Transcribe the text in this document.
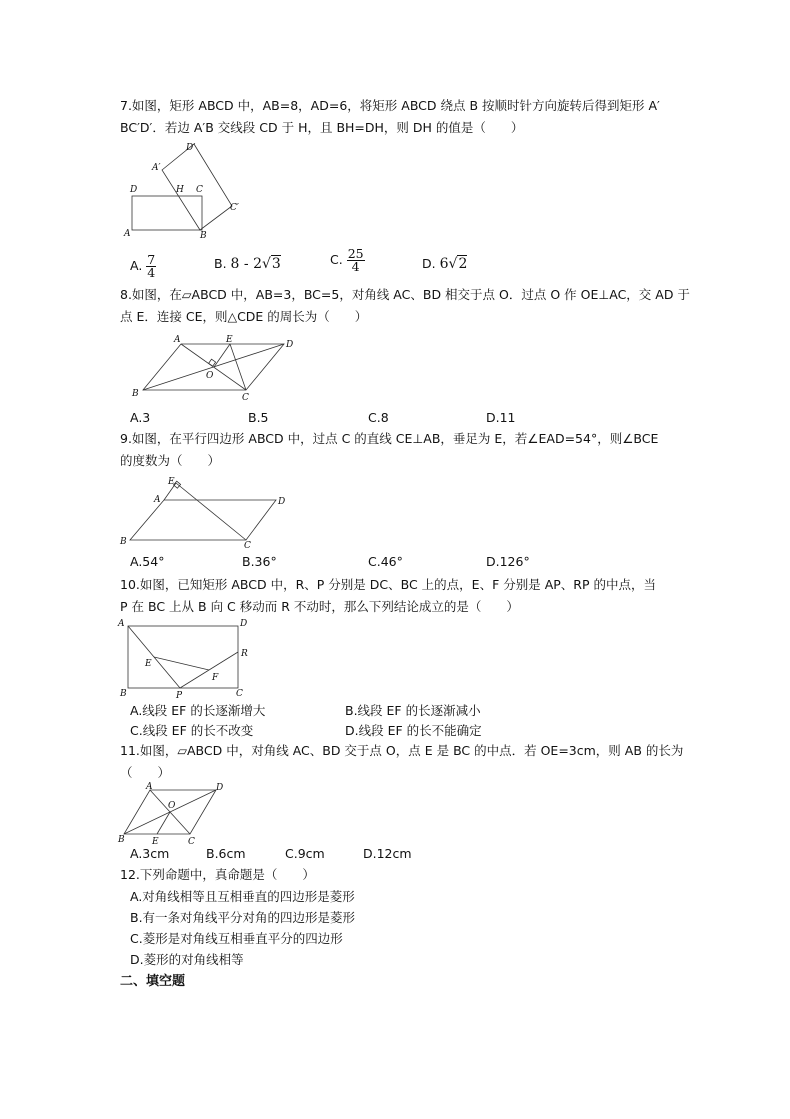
7.如图，矩形 ABCD 中，AB=8，AD=6，将矩形 ABCD 绕点 B 按顺时针方向旋转后得到矩形 A′
BC′D′．若边 A′B 交线段 CD 于 H，且 BH=DH，则 DH 的值是（　　）
A	B
C
D	H
A′
C′
D′
A. $\frac{7}{4}$	B. 8 - 2√3	C. $\frac{25}{4}$	D. 6√2
8.如图，在▱ABCD 中，AB=3，BC=5，对角线 AC、BD 相交于点 O．过点 O 作 OE⊥AC，交 AD 于
点 E．连接 CE，则△CDE 的周长为（　　）
A	E	D
O
B	C
A.3	B.5	C.8	D.11
9.如图，在平行四边形 ABCD 中，过点 C 的直线 CE⊥AB，垂足为 E，若∠EAD=54°，则∠BCE
的度数为（　　）
E
A	D
B	C
A.54°	B.36°	C.46°	D.126°
10.如图，已知矩形 ABCD 中，R、P 分别是 DC、BC 上的点，E、F 分别是 AP、RP 的中点，当
P 在 BC 上从 B 向 C 移动而 R 不动时，那么下列结论成立的是（　　）
A	D
R
E
F
B	P	C
A.线段 EF 的长逐渐增大	B.线段 EF 的长逐渐减小
C.线段 EF 的长不改变	D.线段 EF 的长不能确定
11.如图，▱ABCD 中，对角线 AC、BD 交于点 O，点 E 是 BC 的中点．若 OE=3cm，则 AB 的长为
（　　）
A	D
O
B	E	C
A.3cm	B.6cm	C.9cm	D.12cm
12.下列命题中，真命题是（　　）
A.对角线相等且互相垂直的四边形是菱形
B.有一条对角线平分对角的四边形是菱形
C.菱形是对角线互相垂直平分的四边形
D.菱形的对角线相等
二、填空题
